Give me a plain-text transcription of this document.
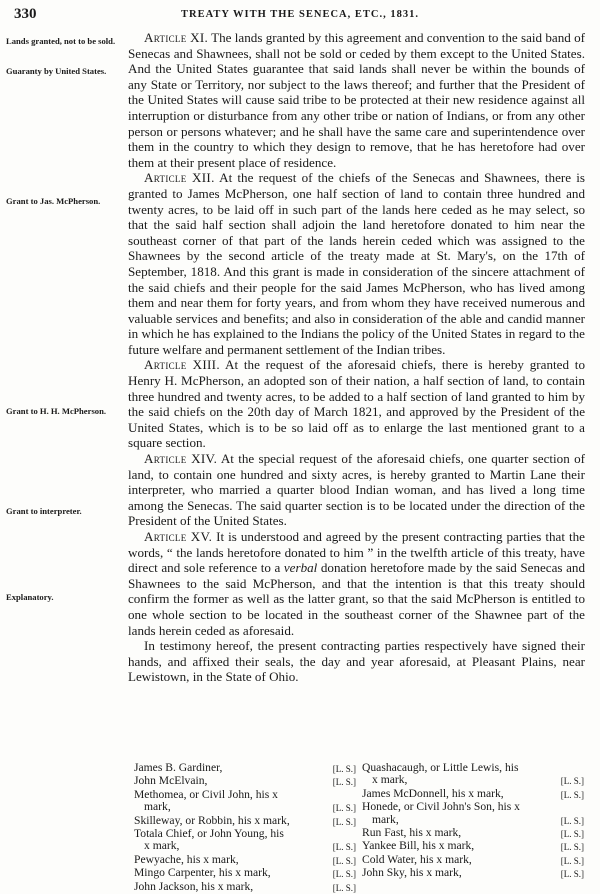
330	TREATY WITH THE SENECA, ETC., 1831.
Lands granted, not to be sold.
Guaranty by United States.
Grant to Jas. McPherson.
Grant to H. H. McPherson.
Grant to interpreter.
Explanatory.

Article XI. The lands granted by this agreement and convention to the said band of Senecas and Shawnees, shall not be sold or ceded by them except to the United States. And the United States guarantee that said lands shall never be within the bounds of any State or Territory, nor subject to the laws thereof; and further that the President of the United States will cause said tribe to be protected at their new residence against all interruption or disturbance from any other tribe or nation of Indians, or from any other person or persons whatever; and he shall have the same care and superintendence over them in the country to which they design to remove, that he has heretofore had over them at their present place of residence.

Article XII. At the request of the chiefs of the Senecas and Shawnees, there is granted to James McPherson, one half section of land to contain three hundred and twenty acres, to be laid off in such part of the lands here ceded as he may select, so that the said half section shall adjoin the land heretofore donated to him near the southeast corner of that part of the lands herein ceded which was assigned to the Shawnees by the second article of the treaty made at St. Mary's, on the 17th of September, 1818. And this grant is made in consideration of the sincere attachment of the said chiefs and their people for the said James McPherson, who has lived among them and near them for forty years, and from whom they have received numerous and valuable services and benefits; and also in consideration of the able and candid manner in which he has explained to the Indians the policy of the United States in regard to the future welfare and permanent settlement of the Indian tribes.

Article XIII. At the request of the aforesaid chiefs, there is hereby granted to Henry H. McPherson, an adopted son of their nation, a half section of land, to contain three hundred and twenty acres, to be added to a half section of land granted to him by the said chiefs on the 20th day of March 1821, and approved by the President of the United States, which is to be so laid off as to enlarge the last mentioned grant to a square section.

Article XIV. At the special request of the aforesaid chiefs, one quarter section of land, to contain one hundred and sixty acres, is hereby granted to Martin Lane their interpreter, who married a quarter blood Indian woman, and has lived a long time among the Senecas. The said quarter section is to be located under the direction of the President of the United States.

Article XV. It is understood and agreed by the present contracting parties that the words, “ the lands heretofore donated to him ” in the twelfth article of this treaty, have direct and sole reference to a verbal donation heretofore made by the said Senecas and Shawnees to the said McPherson, and that the intention is that this treaty should confirm the former as well as the latter grant, so that the said McPherson is entitled to one whole section to be located in the southeast corner of the Shawnee part of the lands herein ceded as aforesaid.

In testimony hereof, the present contracting parties respectively have signed their hands, and affixed their seals, the day and year aforesaid, at Pleasant Plains, near Lewistown, in the State of Ohio.

James B. Gardiner,	[L. S.]
John McElvain,	[L. S.]
Methomea, or Civil John, his x
mark,	[L. S.]
Skilleway, or Robbin, his x mark,	[L. S.]
Totala Chief, or John Young, his
x mark,	[L. S.]
Pewyache, his x mark,	[L. S.]
Mingo Carpenter, his x mark,	[L. S.]
John Jackson, his x mark,	[L. S.]
Quashacaugh, or Little Lewis, his
x mark,	[L. S.]
James McDonnell, his x mark,	[L. S.]
Honede, or Civil John's Son, his x
mark,	[L. S.]
Run Fast, his x mark,	[L. S.]
Yankee Bill, his x mark,	[L. S.]
Cold Water, his x mark,	[L. S.]
John Sky, his x mark,	[L. S.]
